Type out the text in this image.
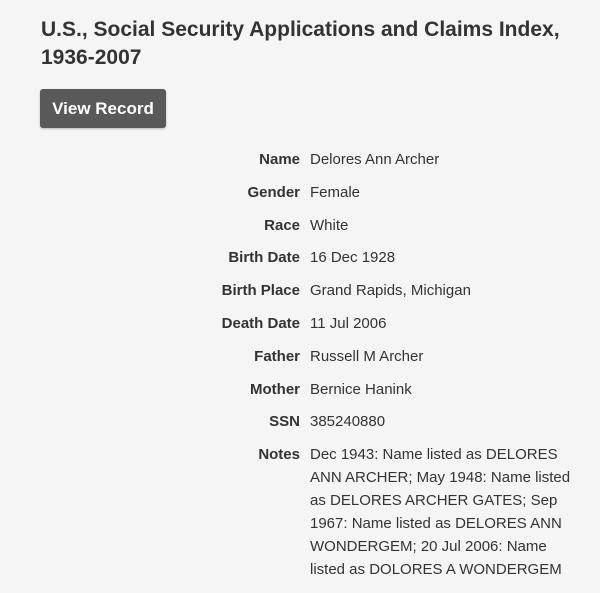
U.S., Social Security Applications and Claims Index, 1936-2007
View Record
Name Delores Ann Archer
Gender Female
Race White
Birth Date 16 Dec 1928
Birth Place Grand Rapids, Michigan
Death Date 11 Jul 2006
Father Russell M Archer
Mother Bernice Hanink
SSN 385240880
Notes Dec 1943: Name listed as DELORES ANN ARCHER; May 1948: Name listed as DELORES ARCHER GATES; Sep 1967: Name listed as DELORES ANN WONDERGEM; 20 Jul 2006: Name listed as DOLORES A WONDERGEM
